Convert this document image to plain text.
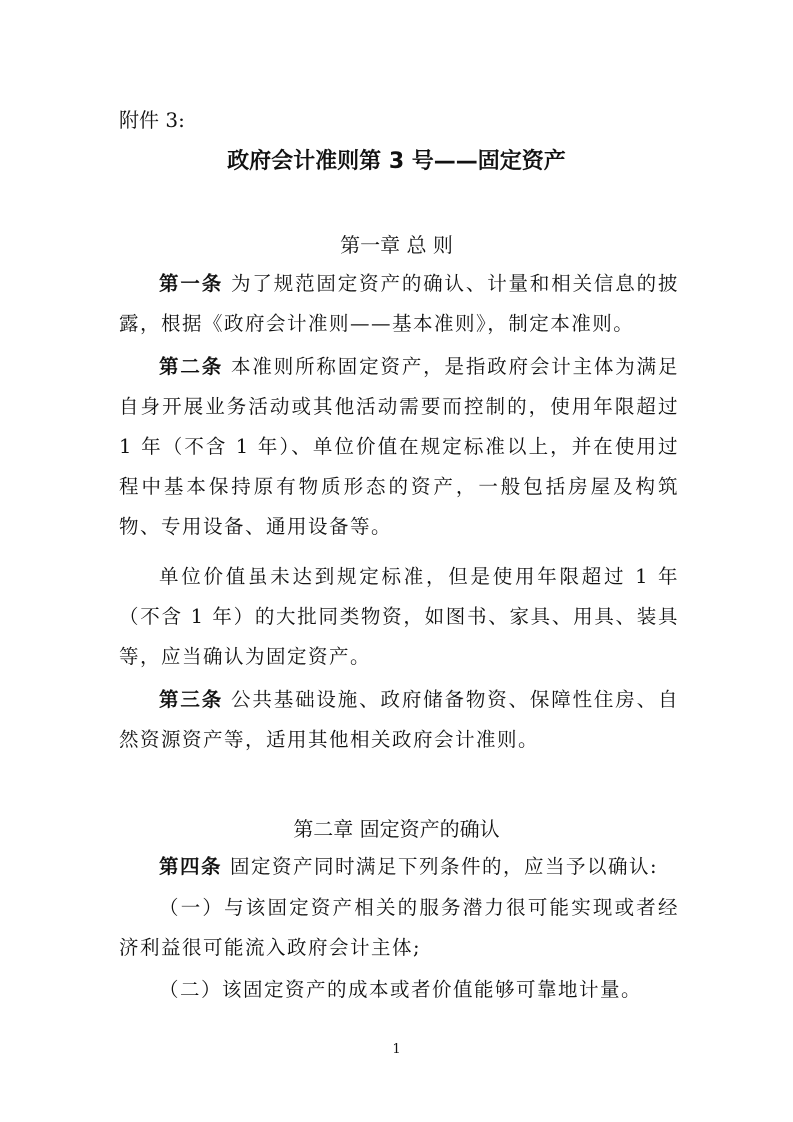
附件 3:
政府会计准则第 3 号——固定资产
第一章 总 则
第一条 为了规范固定资产的确认、计量和相关信息的披露，根据《政府会计准则——基本准则》，制定本准则。
第二条 本准则所称固定资产，是指政府会计主体为满足自身开展业务活动或其他活动需要而控制的，使用年限超过 1 年（不含 1 年）、单位价值在规定标准以上，并在使用过程中基本保持原有物质形态的资产，一般包括房屋及构筑物、专用设备、通用设备等。
单位价值虽未达到规定标准，但是使用年限超过 1 年（不含 1 年）的大批同类物资，如图书、家具、用具、装具等，应当确认为固定资产。
第三条 公共基础设施、政府储备物资、保障性住房、自然资源资产等，适用其他相关政府会计准则。
第二章 固定资产的确认
第四条 固定资产同时满足下列条件的，应当予以确认:
（一）与该固定资产相关的服务潜力很可能实现或者经济利益很可能流入政府会计主体;
（二）该固定资产的成本或者价值能够可靠地计量。
1
